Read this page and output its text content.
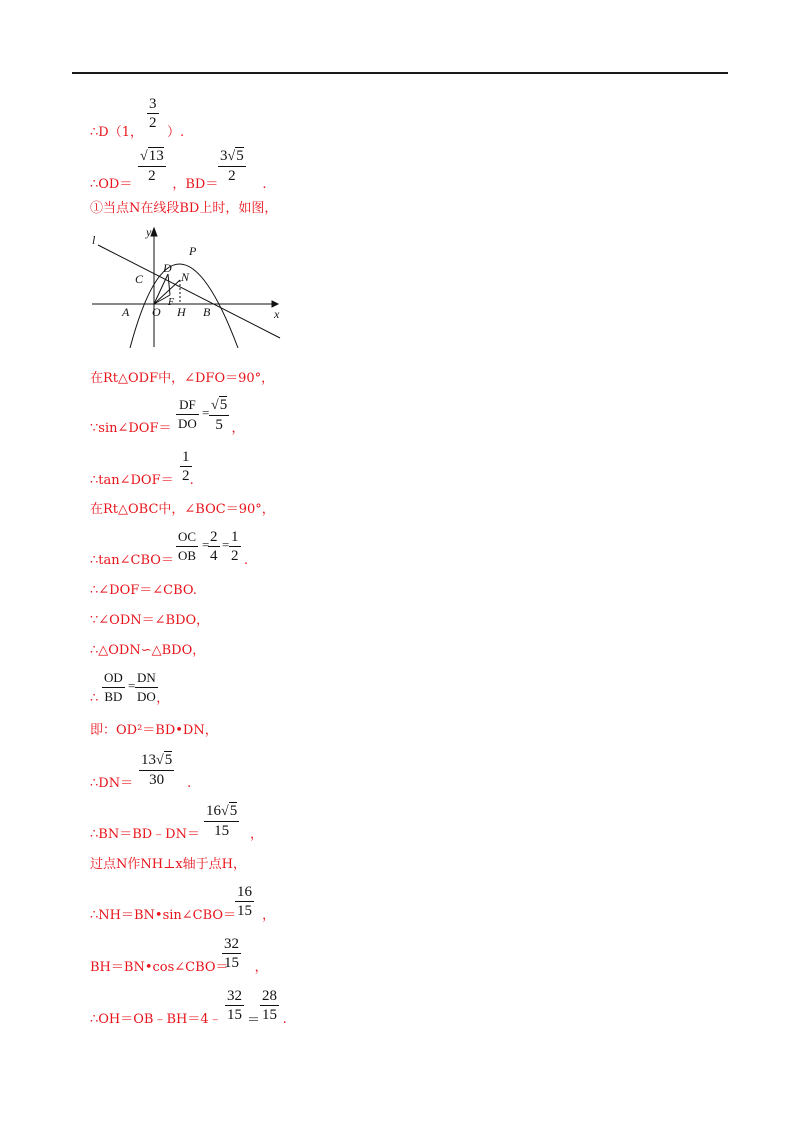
∴D（1， ）.
$\frac{3}{2}$
∴OD＝	，BD＝	.
$\frac{√13}{2}$	$\frac{3√5}{2}$
①当点N在线段BD上时，如图，
l
y
P
D
C	N
F
A O H B	x
在Rt△ODF中，∠DFO＝90°，
∵sin∠DOF＝	，
$\frac{DF}{DO} = \frac{√5}{5}$
∴tan∠DOF＝ .
$\frac{1}{2}$
在Rt△OBC中，∠BOC＝90°，
∴tan∠CBO＝	.
$\frac{OC}{OB}$ =
$\frac{2}{4} = \frac{1}{2}$
∴∠DOF＝∠CBO.
∵∠ODN＝∠BDO，
∴△ODN∽△BDO，
∴	，
$\frac{OD}{BD} = \frac{DN}{DO}$
即：OD²＝BD•DN，
∴DN＝	.
$\frac{13√5}{30}$
∴BN＝BD﹣DN＝	，
$\frac{16√5}{15}$
过点N作NH⊥x轴于点H，
∴NH＝BN•sin∠CBO＝ ，
$\frac{16}{15}$
BH＝BN•cos∠CBO＝ ，
$\frac{32}{15}$
∴OH＝OB﹣BH＝4﹣	.
$\frac{32}{15} = \frac{28}{15}$
